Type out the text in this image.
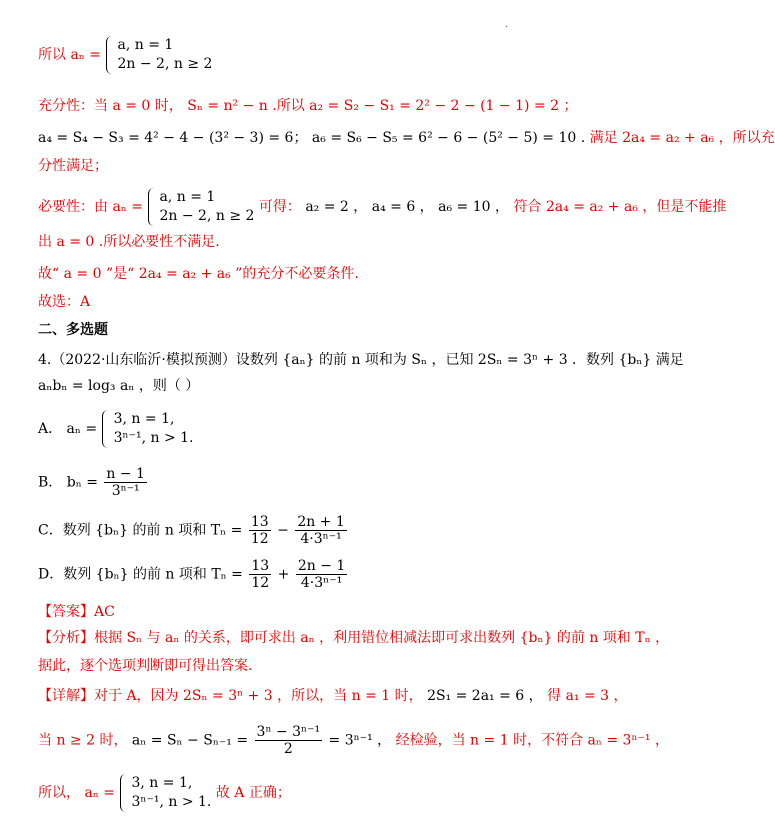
·
所以 aₙ =
a, n = 1
2n − 2, n ≥ 2
充分性：当 a = 0 时， Sₙ = n² − n .所以 a₂ = S₂ − S₁ = 2² − 2 − (1 − 1) = 2 ；
a₄ = S₄ − S₃ = 4² − 4 − (3² − 3) = 6； a₆ = S₆ − S₅ = 6² − 6 − (5² − 5) = 10 . 满足 2a₄ = a₂ + a₆ ，所以充
分性满足；
必要性：由 aₙ =
a, n = 1
2n − 2, n ≥ 2
可得： a₂ = 2 ， a₄ = 6 ， a₆ = 10 ， 符合 2a₄ = a₂ + a₆ ，但是不能推
出 a = 0 .所以必要性不满足.
故“ a = 0 ”是“ 2a₄ = a₂ + a₆ ”的充分不必要条件.
故选：A
二、多选题
4.（2022·山东临沂·模拟预测）设数列 {aₙ} 的前 n 项和为 Sₙ ，已知 2Sₙ = 3ⁿ + 3 ．数列 {bₙ} 满足
aₙbₙ = log₃ aₙ ，则（ ）
A． aₙ =
3, n = 1,
3ⁿ⁻¹, n > 1.
B． $b_n = \frac{n - 1}{\text{3ⁿ⁻¹}}$
C．数列 {bₙ} 的前 n 项和 $T_n = \frac{13}{12} - \frac{2n + 1}{\text{4·3ⁿ⁻¹}}$
D．数列 {bₙ} 的前 n 项和 $T_n = \frac{13}{12} + \frac{2n - 1}{\text{4·3ⁿ⁻¹}}$
【答案】AC
【分析】根据 Sₙ 与 aₙ 的关系，即可求出 aₙ ，利用错位相减法即可求出数列 {bₙ} 的前 n 项和 Tₙ ，
据此，逐个选项判断即可得出答案.
【详解】对于 A，因为 2Sₙ = 3ⁿ + 3 ，所以，当 n = 1 时， 2S₁ = 2a₁ = 6 ， 得 a₁ = 3 ，
当 n ≥ 2 时， $a_n = S_n - S_{n-1} = \frac{\text{3ⁿ − 3ⁿ⁻¹}}{2} = 3^{n-1}$ ， 经检验，当 n = 1 时，不符合 aₙ = 3ⁿ⁻¹ ，
所以， aₙ =
3, n = 1,
3ⁿ⁻¹, n > 1.
故 A 正确；
